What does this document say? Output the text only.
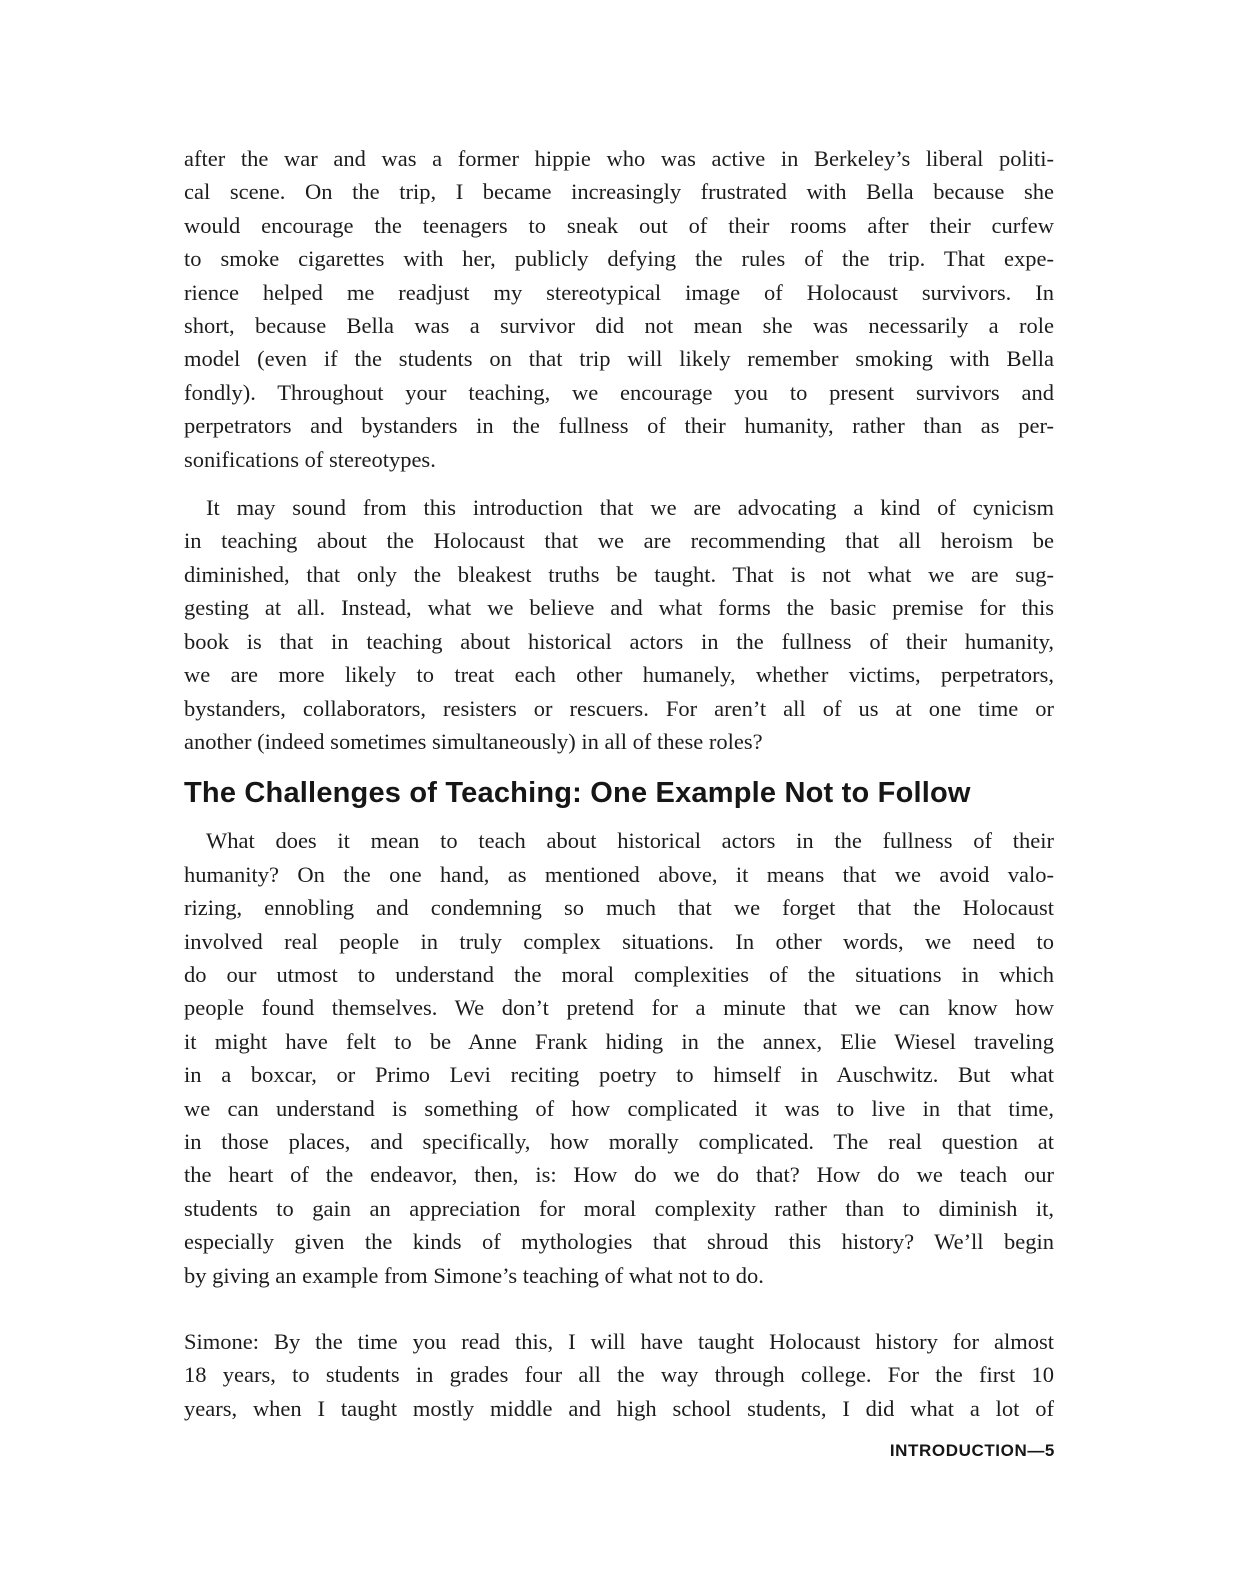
after the war and was a former hippie who was active in Berkeley’s liberal politi-
cal scene. On the trip, I became increasingly frustrated with Bella because she
would encourage the teenagers to sneak out of their rooms after their curfew
to smoke cigarettes with her, publicly defying the rules of the trip. That expe-
rience helped me readjust my stereotypical image of Holocaust survivors. In
short, because Bella was a survivor did not mean she was necessarily a role
model (even if the students on that trip will likely remember smoking with Bella
fondly). Throughout your teaching, we encourage you to present survivors and
perpetrators and bystanders in the fullness of their humanity, rather than as per-
sonifications of stereotypes.
It may sound from this introduction that we are advocating a kind of cynicism
in teaching about the Holocaust that we are recommending that all heroism be
diminished, that only the bleakest truths be taught. That is not what we are sug-
gesting at all. Instead, what we believe and what forms the basic premise for this
book is that in teaching about historical actors in the fullness of their humanity,
we are more likely to treat each other humanely, whether victims, perpetrators,
bystanders, collaborators, resisters or rescuers. For aren’t all of us at one time or
another (indeed sometimes simultaneously) in all of these roles?
The Challenges of Teaching: One Example Not to Follow
What does it mean to teach about historical actors in the fullness of their
humanity? On the one hand, as mentioned above, it means that we avoid valo-
rizing, ennobling and condemning so much that we forget that the Holocaust
involved real people in truly complex situations. In other words, we need to
do our utmost to understand the moral complexities of the situations in which
people found themselves. We don’t pretend for a minute that we can know how
it might have felt to be Anne Frank hiding in the annex, Elie Wiesel traveling
in a boxcar, or Primo Levi reciting poetry to himself in Auschwitz. But what
we can understand is something of how complicated it was to live in that time,
in those places, and specifically, how morally complicated. The real question at
the heart of the endeavor, then, is: How do we do that? How do we teach our
students to gain an appreciation for moral complexity rather than to diminish it,
especially given the kinds of mythologies that shroud this history? We’ll begin
by giving an example from Simone’s teaching of what not to do.
Simone: By the time you read this, I will have taught Holocaust history for almost
18 years, to students in grades four all the way through college. For the first 10
years, when I taught mostly middle and high school students, I did what a lot of
INTRODUCTION—5
